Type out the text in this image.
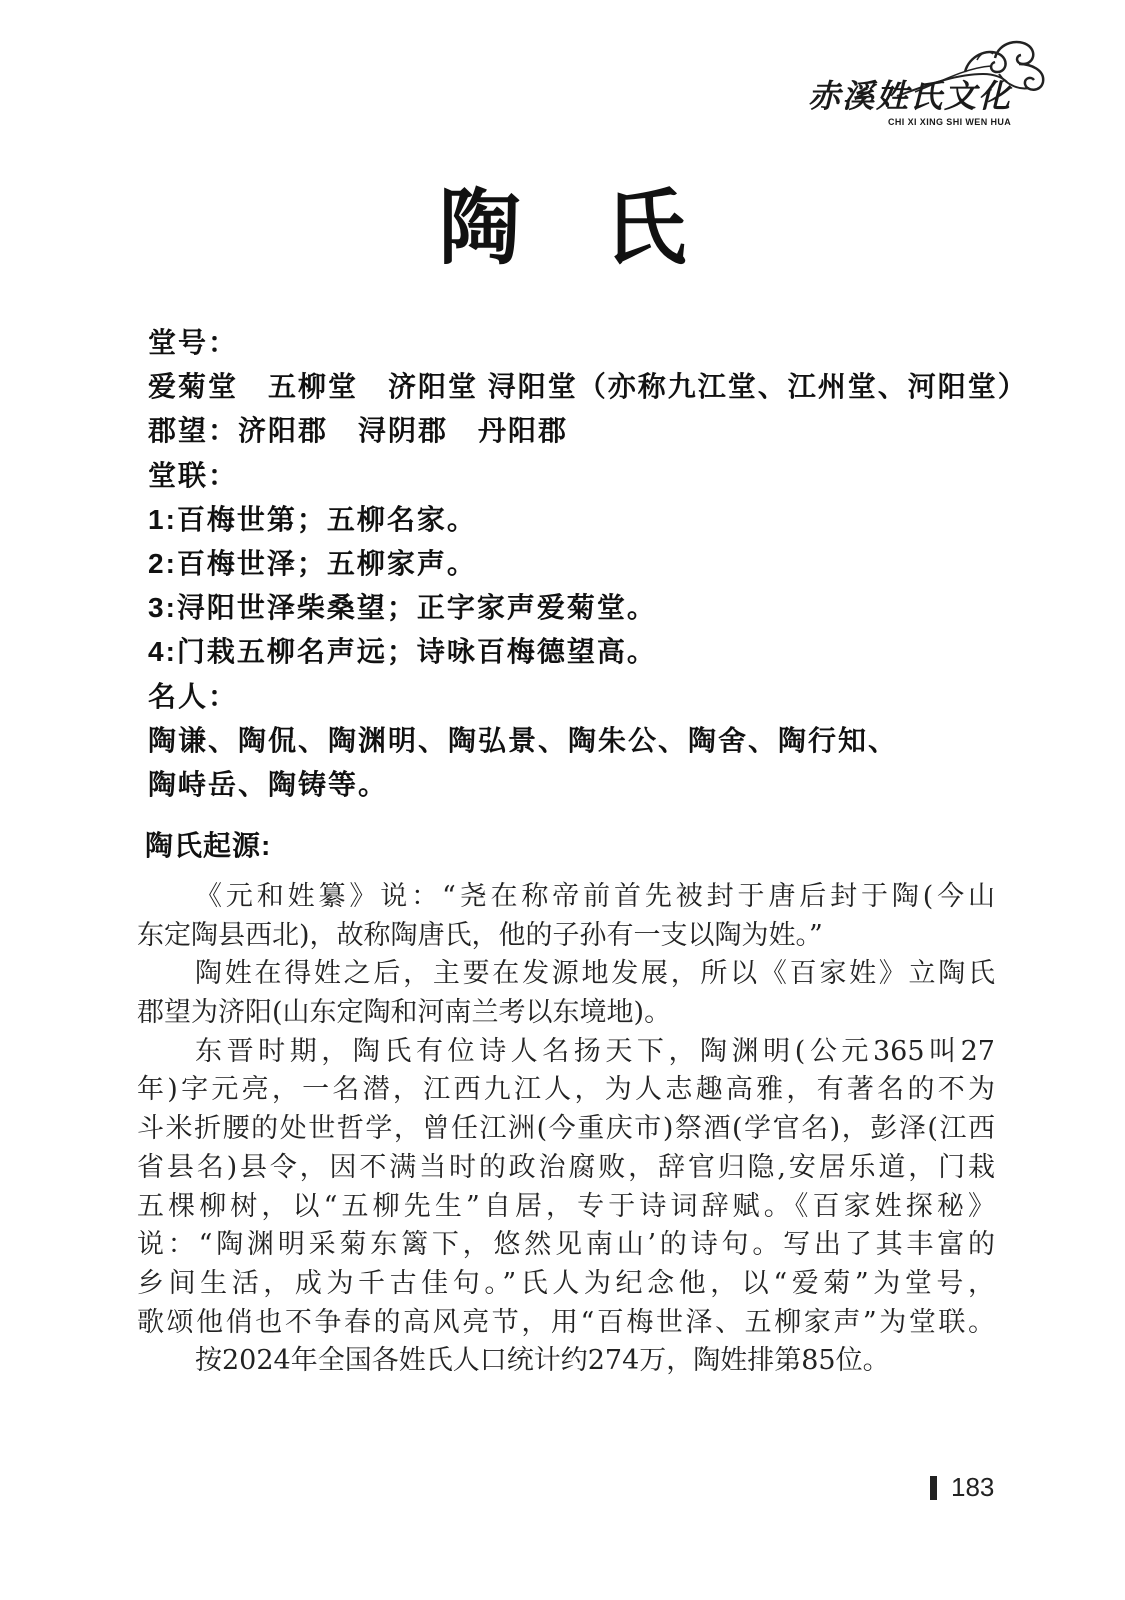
赤溪姓氏文化
CHI XI XING SHI WEN HUA
陶 氏
堂号：
爱菊堂　五柳堂　济阳堂 浔阳堂（亦称九江堂、江州堂、河阳堂）
郡望：济阳郡　浔阴郡　丹阳郡
堂联：
1:百梅世第；五柳名家。
2:百梅世泽；五柳家声。
3:浔阳世泽柴桑望；正字家声爱菊堂。
4:门栽五柳名声远；诗咏百梅德望高。
名人：
陶谦、陶侃、陶渊明、陶弘景、陶朱公、陶舍、陶行知、
陶峙岳、陶铸等。
陶氏起源:
《元和姓纂》说：“尧在称帝前首先被封于唐后封于陶(今山
东定陶县西北)，故称陶唐氏，他的子孙有一支以陶为姓。”
陶姓在得姓之后，主要在发源地发展，所以《百家姓》立陶氏
郡望为济阳(山东定陶和河南兰考以东境地)。
东晋时期，陶氏有位诗人名扬天下，陶渊明(公元365叫27
年)字元亮，一名潜，江西九江人，为人志趣高雅，有著名的不为
斗米折腰的处世哲学，曾任江洲(今重庆市)祭酒(学官名)，彭泽(江西
省县名)县令，因不满当时的政治腐败，辞官归隐,安居乐道，门栽
五棵柳树，以“五柳先生”自居，专于诗词辞赋。《百家姓探秘》
说：“陶渊明采菊东篱下，悠然见南山’的诗句。写出了其丰富的
乡间生活，成为千古佳句。”氏人为纪念他，以“爱菊”为堂号，
歌颂他俏也不争春的高风亮节，用“百梅世泽、五柳家声”为堂联。
按2024年全国各姓氏人口统计约274万，陶姓排第85位。
183
